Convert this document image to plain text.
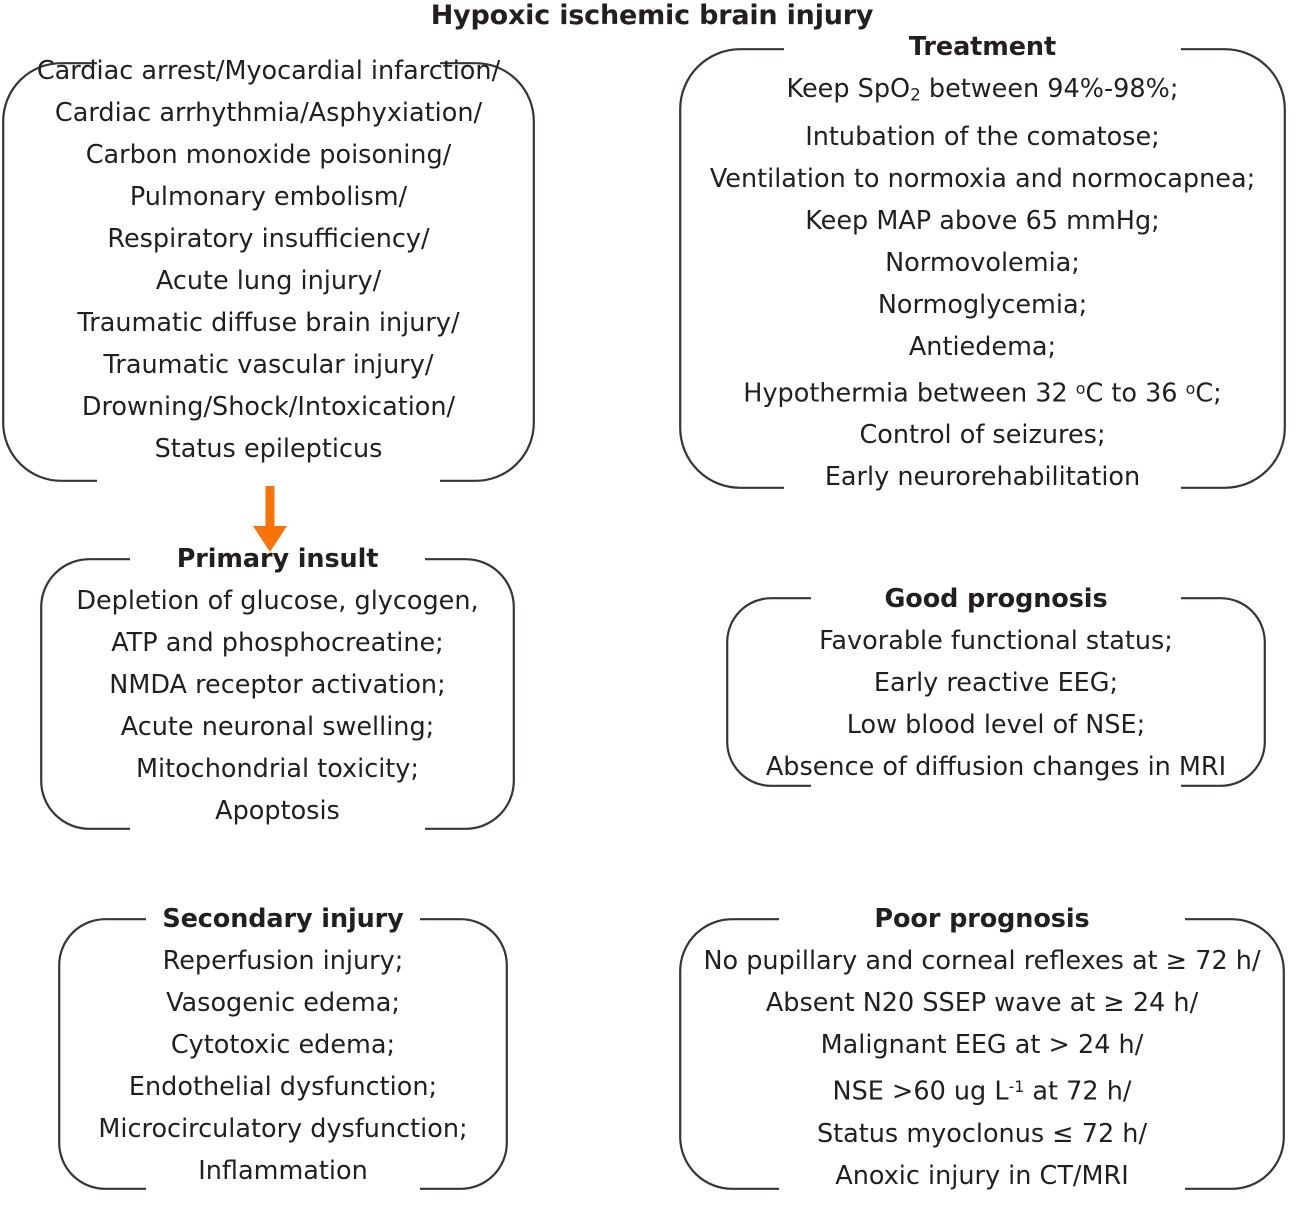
Hypoxic ischemic brain injury
Cardiac arrest/Myocardial infarction/
Cardiac arrhythmia/Asphyxiation/
Carbon monoxide poisoning/
Pulmonary embolism/
Respiratory insufficiency/
Acute lung injury/
Traumatic diffuse brain injury/
Traumatic vascular injury/
Drowning/Shock/Intoxication/
Status epilepticus
Treatment
Keep SpO$_2$ between 94%-98%;
Intubation of the comatose;
Ventilation to normoxia and normocapnea;
Keep MAP above 65 mmHg;
Normovolemia;
Normoglycemia;
Antiedema;
Hypothermia between 32 $^o$C to 36 $^o$C;
Control of seizures;
Early neurorehabilitation
Primary insult
Depletion of glucose, glycogen,
ATP and phosphocreatine;
NMDA receptor activation;
Acute neuronal swelling;
Mitochondrial toxicity;
Apoptosis
Good prognosis
Favorable functional status;
Early reactive EEG;
Low blood level of NSE;
Absence of diffusion changes in MRI
Secondary injury
Reperfusion injury;
Vasogenic edema;
Cytotoxic edema;
Endothelial dysfunction;
Microcirculatory dysfunction;
Inflammation
Poor prognosis
No pupillary and corneal reflexes at ≥ 72 h/
Absent N20 SSEP wave at ≥ 24 h/
Malignant EEG at > 24 h/
NSE >60 ug $L^{-1}$ at 72 h/
Status myoclonus ≤ 72 h/
Anoxic injury in CT/MRI
